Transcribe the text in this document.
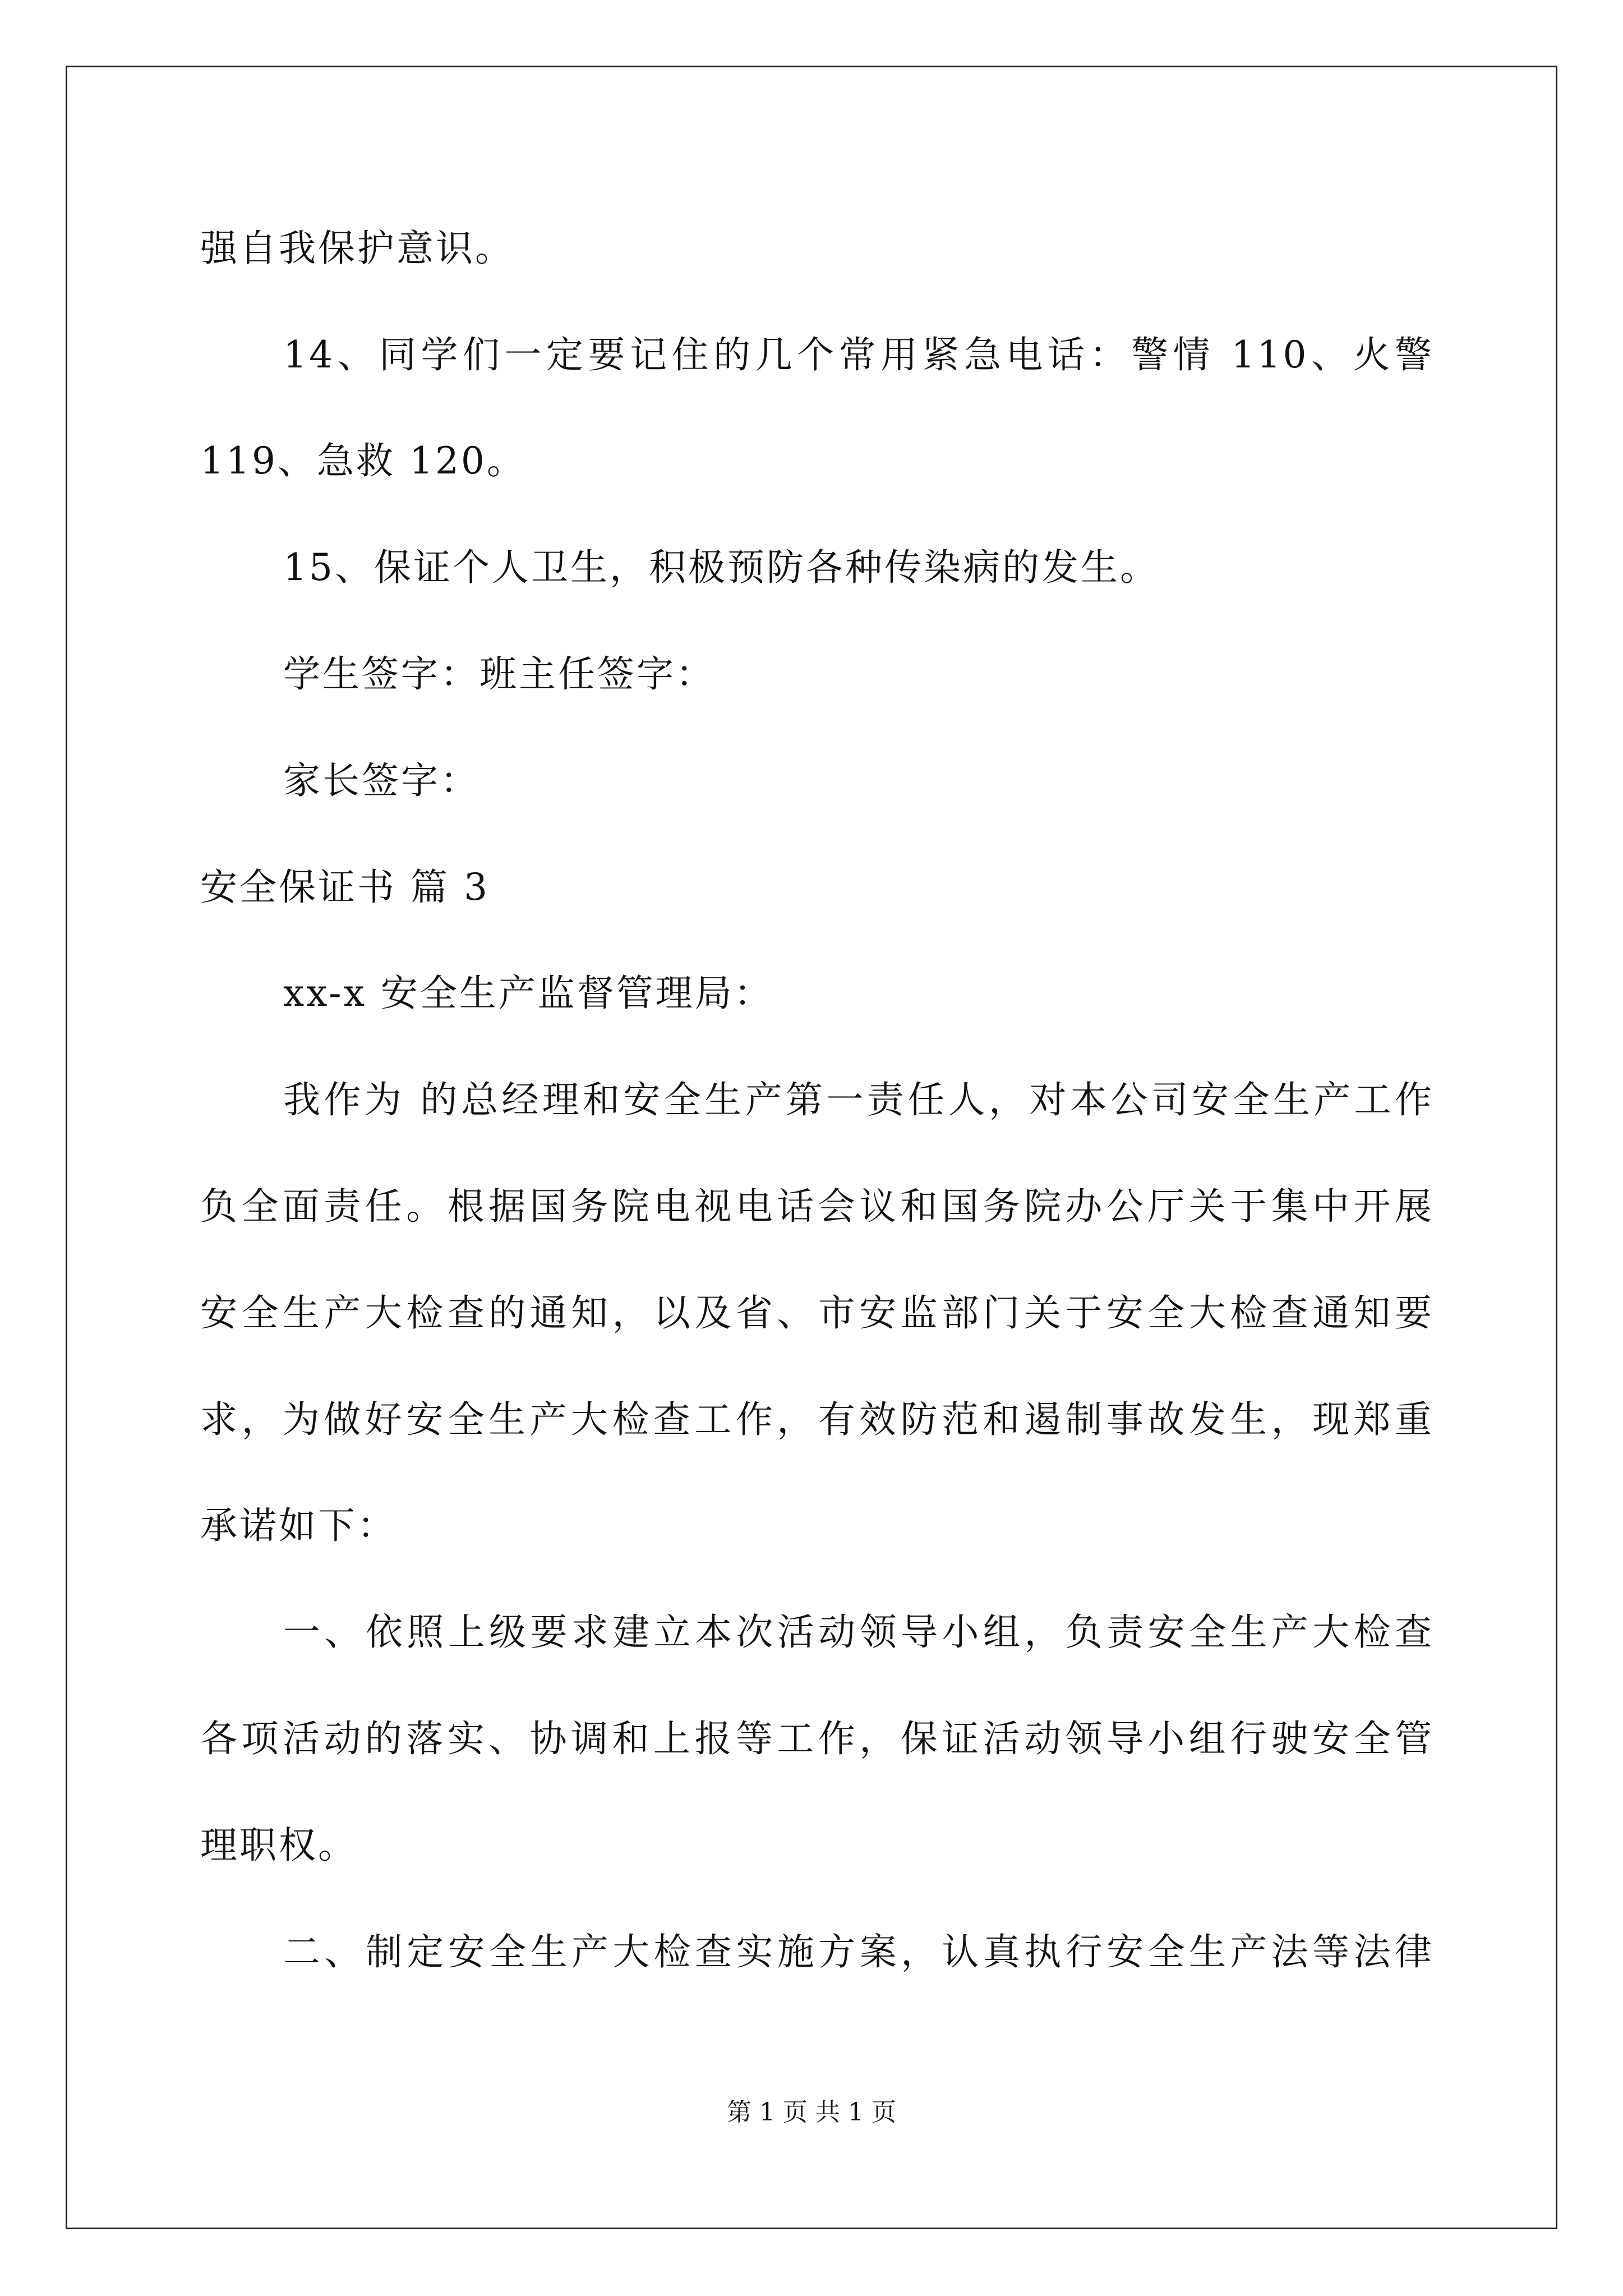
强自我保护意识。
14、同学们一定要记住的几个常用紧急电话：警情 110、火警
119、急救 120。
15、保证个人卫生，积极预防各种传染病的发生。
学生签字：班主任签字：
家长签字：
安全保证书 篇 3
xx-x 安全生产监督管理局：
我作为 的总经理和安全生产第一责任人，对本公司安全生产工作
负全面责任。根据国务院电视电话会议和国务院办公厅关于集中开展
安全生产大检查的通知，以及省、市安监部门关于安全大检查通知要
求，为做好安全生产大检查工作，有效防范和遏制事故发生，现郑重
承诺如下：
一、依照上级要求建立本次活动领导小组，负责安全生产大检查
各项活动的落实、协调和上报等工作，保证活动领导小组行驶安全管
理职权。
二、制定安全生产大检查实施方案，认真执行安全生产法等法律
第 1 页 共 1 页
